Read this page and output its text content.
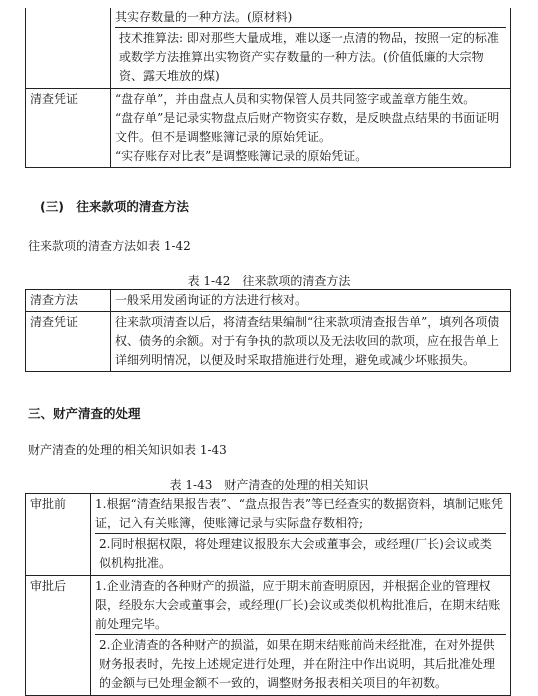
	其实存数量的一种方法。(原材料)

技术推算法: 即对那些大量成堆，难以逐一点清的物品，按照一定的标准或数学方法推算出实物资产实存数量的一种方法。(价值低廉的大宗物资、露天堆放的煤)

清查凭证	“盘存单”，并由盘点人员和实物保管人员共同签字或盖章方能生效。

“盘存单”是记录实物盘点后财产物资实存数，是反映盘点结果的书面证明文件。但不是调整账簿记录的原始凭证。

“实存账存对比表”是调整账簿记录的原始凭证。

(三)　往来款项的清查方法
往来款项的清查方法如表 1-42
表 1-42　往来款项的清查方法
清查方法	一般采用发函询证的方法进行核对。
清查凭证	往来款项清查以后，将清查结果编制“往来款项清查报告单”，填列各项债权、债务的余额。对于有争执的款项以及无法收回的款项，应在报告单上详细列明情况，以便及时采取措施进行处理，避免或减少坏账损失。
三、财产清查的处理
财产清查的处理的相关知识如表 1-43
表 1-43　财产清查的处理的相关知识
审批前	1.根据“清查结果报告表”、“盘点报告表”等已经查实的数据资料，填制记账凭证，记入有关账簿，使账簿记录与实际盘存数相符;

2.同时根据权限，将处理建议报股东大会或董事会，或经理(厂长)会议或类似机构批准。

审批后	1.企业清查的各种财产的损溢，应于期末前查明原因，并根据企业的管理权限，经股东大会或董事会，或经理(厂长)会议或类似机构批准后，在期末结账前处理完毕。

2.企业清查的各种财产的损溢，如果在期末结账前尚未经批准，在对外提供财务报表时，先按上述规定进行处理，并在附注中作出说明，其后批准处理的金额与已处理金额不一致的，调整财务报表相关项目的年初数。
